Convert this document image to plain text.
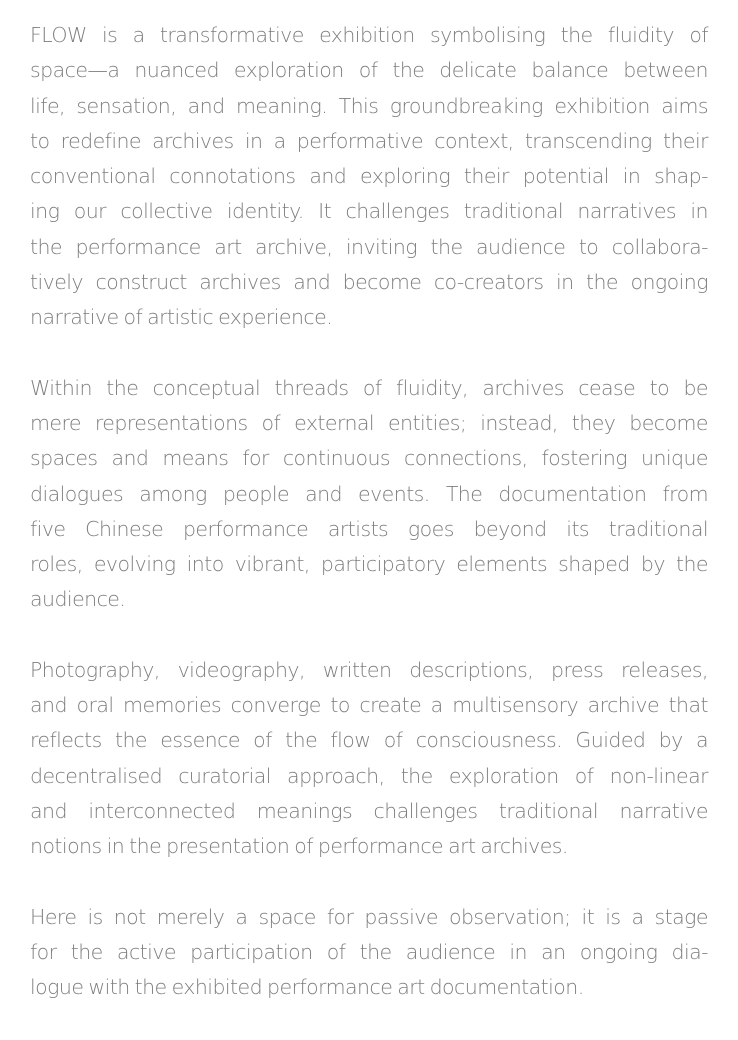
FLOW is a transformative exhibition symbolising the fluidity of
space—a nuanced exploration of the delicate balance between
life, sensation, and meaning. This groundbreaking exhibition aims
to redefine archives in a performative context, transcending their
conventional connotations and exploring their potential in shap-
ing our collective identity. It challenges traditional narratives in
the performance art archive, inviting the audience to collabora-
tively construct archives and become co-creators in the ongoing
narrative of artistic experience.

Within the conceptual threads of fluidity, archives cease to be
mere representations of external entities; instead, they become
spaces and means for continuous connections, fostering unique
dialogues among people and events. The documentation from
five Chinese performance artists goes beyond its traditional
roles, evolving into vibrant, participatory elements shaped by the
audience.

Photography, videography, written descriptions, press releases,
and oral memories converge to create a multisensory archive that
reflects the essence of the flow of consciousness. Guided by a
decentralised curatorial approach, the exploration of non-linear
and interconnected meanings challenges traditional narrative
notions in the presentation of performance art archives.

Here is not merely a space for passive observation; it is a stage
for the active participation of the audience in an ongoing dia-
logue with the exhibited performance art documentation.
